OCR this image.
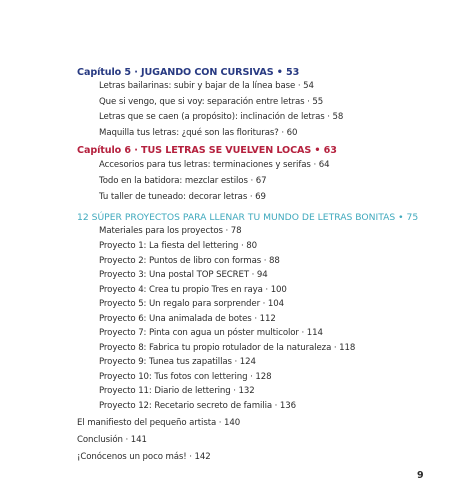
Capítulo 5 · JUGANDO CON CURSIVAS • 53
Letras bailarinas: subir y bajar de la línea base · 54
Que si vengo, que si voy: separación entre letras · 55
Letras que se caen (a propósito): inclinación de letras · 58
Maquilla tus letras: ¿qué son las florituras? · 60
Capítulo 6 · TUS LETRAS SE VUELVEN LOCAS • 63
Accesorios para tus letras: terminaciones y serifas · 64
Todo en la batidora: mezclar estilos · 67
Tu taller de tuneado: decorar letras · 69
12 SÚPER PROYECTOS PARA LLENAR TU MUNDO DE LETRAS BONITAS • 75
Materiales para los proyectos · 78
Proyecto 1: La fiesta del lettering · 80
Proyecto 2: Puntos de libro con formas · 88
Proyecto 3: Una postal TOP SECRET · 94
Proyecto 4: Crea tu propio Tres en raya · 100
Proyecto 5: Un regalo para sorprender · 104
Proyecto 6: Una animalada de botes · 112
Proyecto 7: Pinta con agua un póster multicolor · 114
Proyecto 8: Fabrica tu propio rotulador de la naturaleza · 118
Proyecto 9: Tunea tus zapatillas · 124
Proyecto 10: Tus fotos con lettering · 128
Proyecto 11: Diario de lettering · 132
Proyecto 12: Recetario secreto de familia · 136
El manifiesto del pequeño artista · 140
Conclusión · 141
¡Conócenos un poco más! · 142
9
